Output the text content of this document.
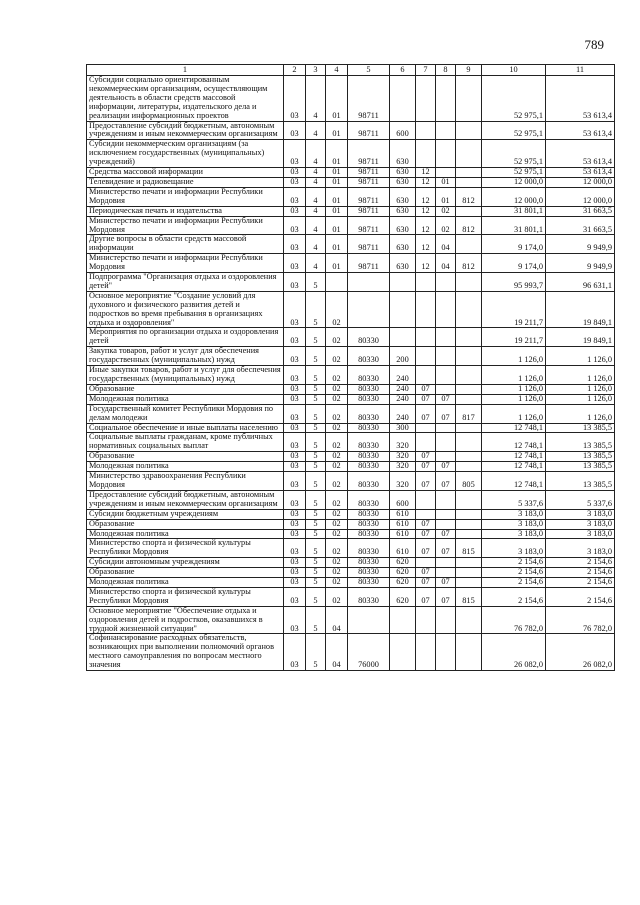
789
1	2	3	4	5	6	7	8	9	10	11
Субсидии социально ориентированным некоммерческим организациям, осуществляющим деятельность в области средств массовой информации, литературы, издательского дела и реализации информационных проектов	03	4	01	98711					52 975,1	53 613,4
Предоставление субсидий бюджетным, автономным учреждениям и иным некоммерческим организациям	03	4	01	98711	600				52 975,1	53 613,4
Субсидии некоммерческим организациям (за исключением государственных (муниципальных) учреждений)	03	4	01	98711	630				52 975,1	53 613,4
Средства массовой информации	03	4	01	98711	630	12			52 975,1	53 613,4
Телевидение и радиовещание	03	4	01	98711	630	12	01		12 000,0	12 000,0
Министерство печати и информации Республики Мордовия	03	4	01	98711	630	12	01	812	12 000,0	12 000,0
Периодическая печать и издательства	03	4	01	98711	630	12	02		31 801,1	31 663,5
Министерство печати и информации Республики Мордовия	03	4	01	98711	630	12	02	812	31 801,1	31 663,5
Другие вопросы в области средств массовой информации	03	4	01	98711	630	12	04		9 174,0	9 949,9
Министерство печати и информации Республики Мордовия	03	4	01	98711	630	12	04	812	9 174,0	9 949,9
Подпрограмма "Организация отдыха и оздоровления детей"	03	5							95 993,7	96 631,1
Основное мероприятие "Создание условий для духовного и физического развития детей и подростков во время пребывания в организациях отдыха и оздоровления"	03	5	02						19 211,7	19 849,1
Мероприятия по организации отдыха и оздоровления детей	03	5	02	80330					19 211,7	19 849,1
Закупка товаров, работ и услуг для обеспечения государственных (муниципальных) нужд	03	5	02	80330	200				1 126,0	1 126,0
Иные закупки товаров, работ и услуг для обеспечения государственных (муниципальных) нужд	03	5	02	80330	240				1 126,0	1 126,0
Образование	03	5	02	80330	240	07			1 126,0	1 126,0
Молодежная политика	03	5	02	80330	240	07	07		1 126,0	1 126,0
Государственный комитет Республики Мордовия по делам молодежи	03	5	02	80330	240	07	07	817	1 126,0	1 126,0
Социальное обеспечение и иные выплаты населению	03	5	02	80330	300				12 748,1	13 385,5
Социальные выплаты гражданам, кроме публичных нормативных социальных выплат	03	5	02	80330	320				12 748,1	13 385,5
Образование	03	5	02	80330	320	07			12 748,1	13 385,5
Молодежная политика	03	5	02	80330	320	07	07		12 748,1	13 385,5
Министерство здравоохранения Республики Мордовия	03	5	02	80330	320	07	07	805	12 748,1	13 385,5
Предоставление субсидий бюджетным, автономным учреждениям и иным некоммерческим организациям	03	5	02	80330	600				5 337,6	5 337,6
Субсидии бюджетным учреждениям	03	5	02	80330	610				3 183,0	3 183,0
Образование	03	5	02	80330	610	07			3 183,0	3 183,0
Молодежная политика	03	5	02	80330	610	07	07		3 183,0	3 183,0
Министерство спорта и физической культуры Республики Мордовия	03	5	02	80330	610	07	07	815	3 183,0	3 183,0
Субсидии автономным учреждениям	03	5	02	80330	620				2 154,6	2 154,6
Образование	03	5	02	80330	620	07			2 154,6	2 154,6
Молодежная политика	03	5	02	80330	620	07	07		2 154,6	2 154,6
Министерство спорта и физической культуры Республики Мордовия	03	5	02	80330	620	07	07	815	2 154,6	2 154,6
Основное мероприятие "Обеспечение отдыха и оздоровления детей и подростков, оказавшихся в трудной жизненной ситуации"	03	5	04						76 782,0	76 782,0
Софинансирование расходных обязательств, возникающих при выполнении полномочий органов местного самоуправления по вопросам местного значения	03	5	04	76000					26 082,0	26 082,0
